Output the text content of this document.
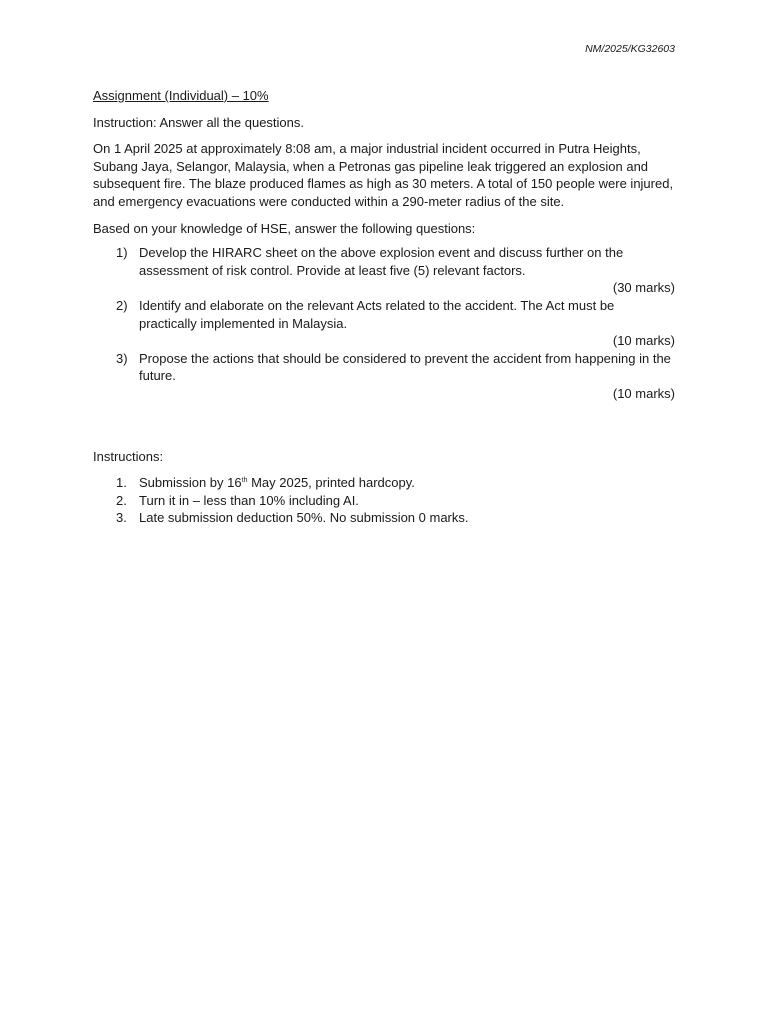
NM/2025/KG32603
Assignment (Individual) – 10%
Instruction: Answer all the questions.
On 1 April 2025 at approximately 8:08 am, a major industrial incident occurred in Putra Heights, Subang Jaya, Selangor, Malaysia, when a Petronas gas pipeline leak triggered an explosion and subsequent fire. The blaze produced flames as high as 30 meters. A total of 150 people were injured, and emergency evacuations were conducted within a 290-meter radius of the site.
Based on your knowledge of HSE, answer the following questions:
1) Develop the HIRARC sheet on the above explosion event and discuss further on the assessment of risk control. Provide at least five (5) relevant factors.
(30 marks)
2) Identify and elaborate on the relevant Acts related to the accident. The Act must be practically implemented in Malaysia.
(10 marks)
3) Propose the actions that should be considered to prevent the accident from happening in the future.
(10 marks)
Instructions:
1. Submission by 16th May 2025, printed hardcopy.
2. Turn it in – less than 10% including AI.
3. Late submission deduction 50%. No submission 0 marks.
